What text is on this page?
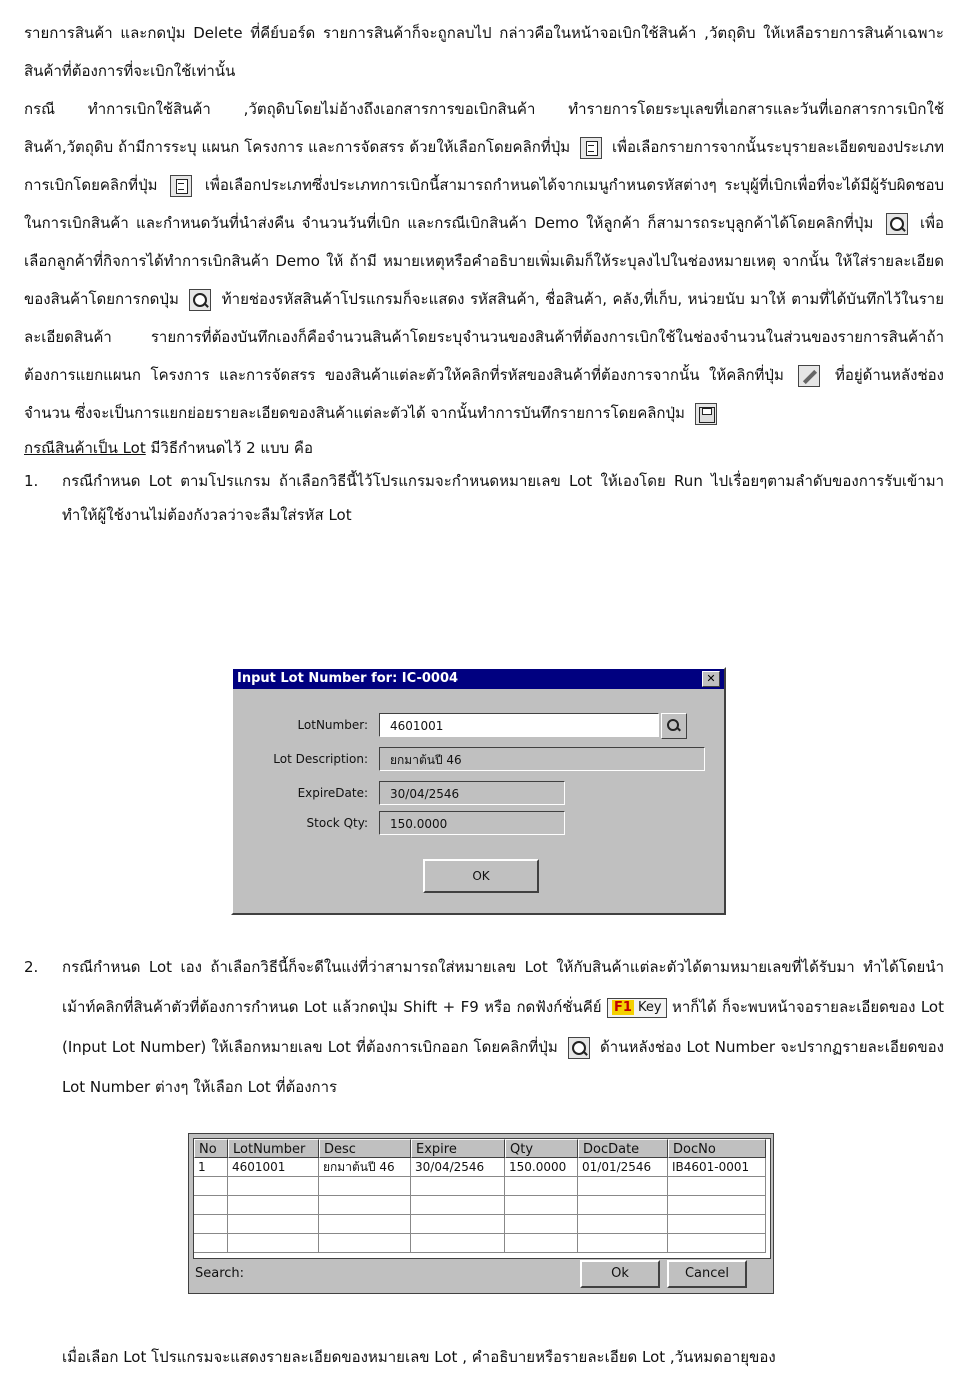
รายการสินค้า และกดปุ่ม Delete ที่คีย์บอร์ด รายการสินค้าก็จะถูกลบไป กล่าวคือในหน้าจอเบิกใช้สินค้า ,วัตถุดิบ ให้เหลือรายการสินค้าเฉพาะสินค้าที่ต้องการที่จะเบิกใช้เท่านั้น

กรณี ทำการเบิกใช้สินค้า ,วัตถุดิบโดยไม่อ้างถึงเอกสารการขอเบิกสินค้า ทำรายการโดยระบุเลขที่เอกสารและวันที่เอกสารการเบิกใช้สินค้า,วัตถุดิบ ถ้ามีการระบุ แผนก โครงการ และการจัดสรร ด้วยให้เลือกโดยคลิกที่ปุ่ม	เพื่อเลือกรายการจากนั้นระบุรายละเอียดของประเภทการเบิกโดยคลิกที่ปุ่ม	เพื่อเลือกประเภทซึ่งประเภทการเบิกนี้สามารถกำหนดได้จากเมนูกำหนดรหัสต่างๆ ระบุผู้ที่เบิกเพื่อที่จะได้มีผู้รับผิดชอบในการเบิกสินค้า และกำหนดวันที่นำส่งคืน จำนวนวันที่เบิก และกรณีเบิกสินค้า Demo ให้ลูกค้า ก็สามารถระบุลูกค้าได้โดยคลิกที่ปุ่ม	เพื่อเลือกลูกค้าที่กิจการได้ทำการเบิกสินค้า Demo ให้ ถ้ามี หมายเหตุหรือคำอธิบายเพิ่มเติมก็ให้ระบุลงไปในช่องหมายเหตุ จากนั้น ให้ใส่รายละเอียดของสินค้าโดยการกดปุ่ม	ท้ายช่องรหัสสินค้าโปรแกรมก็จะแสดง รหัสสินค้า, ชื่อสินค้า, คลัง,ที่เก็บ, หน่วยนับ มาให้ ตามที่ได้บันทึกไว้ในรายละเอียดสินค้า รายการที่ต้องบันทึกเองก็คือจำนวนสินค้าโดยระบุจำนวนของสินค้าที่ต้องการเบิกใช้ในช่องจำนวนในส่วนของรายการสินค้าถ้าต้องการแยกแผนก โครงการ และการจัดสรร ของสินค้าแต่ละตัวให้คลิกที่รหัสของสินค้าที่ต้องการจากนั้น ให้คลิกที่ปุ่ม	ที่อยู่ด้านหลังช่องจำนวน ซึ่งจะเป็นการแยกย่อยรายละเอียดของสินค้าแต่ละตัวได้ จากนั้นทำการบันทึกรายการโดยคลิกปุ่ม

กรณีสินค้าเป็น Lot มีวิธีกำหนดไว้ 2 แบบ คือ

1. กรณีกำหนด Lot ตามโปรแกรม ถ้าเลือกวิธีนี้ไว้โปรแกรมจะกำหนดหมายเลข Lot ให้เองโดย Run ไปเรื่อยๆตามลำดับของการรับเข้ามา ทำให้ผู้ใช้งานไม่ต้องกังวลว่าจะลืมใส่รหัส Lot
Input Lot Number for: IC-0004	✕
LotNumber:	4601001
Lot Description:	ยกมาต้นปี 46
ExpireDate:	30/04/2546
Stock Qty:	150.0000
OK
2. กรณีกำหนด Lot เอง ถ้าเลือกวิธีนี้ก็จะดีในแง่ที่ว่าสามารถใส่หมายเลข Lot ให้กับสินค้าแต่ละตัวได้ตามหมายเลขที่ได้รับมา ทำได้โดยนำเม้าท์คลิกที่สินค้าตัวที่ต้องการกำหนด Lot แล้วกดปุ่ม Shift + F9 หรือ กดฟังก์ชั่นคีย์ F1 Key หาก็ได้ ก็จะพบหน้าจอรายละเอียดของ Lot (Input Lot Number) ให้เลือกหมายเลข Lot ที่ต้องการเบิกออก โดยคลิกที่ปุ่ม	ด้านหลังช่อง Lot Number จะปรากฏรายละเอียดของ Lot Number ต่างๆ ให้เลือก Lot ที่ต้องการ
No	LotNumber	Desc	Expire	Qty	DocDate	DocNo
1	4601001	ยกมาต้นปี 46	30/04/2546	150.0000	01/01/2546	IB4601-0001
Search:	Ok	Cancel

เมื่อเลือก Lot โปรแกรมจะแสดงรายละเอียดของหมายเลข Lot , คำอธิบายหรือรายละเอียด Lot ,วันหมดอายุของ
